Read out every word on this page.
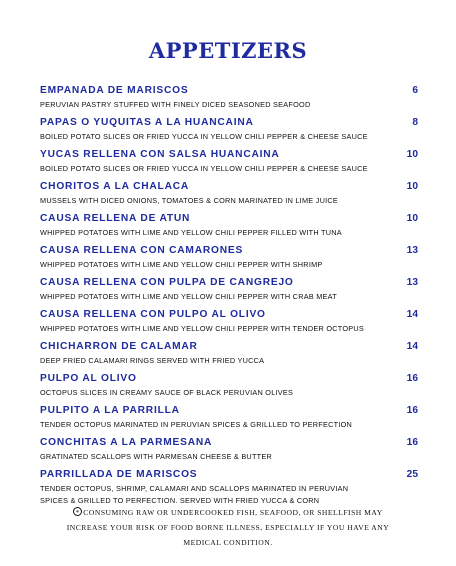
APPETIZERS
EMPANADA DE MARISCOS	6
PERUVIAN PASTRY STUFFED WITH FINELY DICED SEASONED SEAFOOD
PAPAS O YUQUITAS A LA HUANCAINA	8
BOILED POTATO SLICES OR FRIED YUCCA IN YELLOW CHILI PEPPER & CHEESE SAUCE
YUCAS RELLENA CON SALSA HUANCAINA	10
BOILED POTATO SLICES OR FRIED YUCCA IN YELLOW CHILI PEPPER & CHEESE SAUCE
CHORITOS A LA CHALACA	10
MUSSELS WITH DICED ONIONS, TOMATOES & CORN MARINATED IN LIME JUICE
CAUSA RELLENA DE ATUN	10
WHIPPED POTATOES WITH LIME AND YELLOW CHILI PEPPER FILLED WITH TUNA
CAUSA RELLENA CON CAMARONES	13
WHIPPED POTATOES WITH LIME AND YELLOW CHILI PEPPER WITH SHRIMP
CAUSA RELLENA CON PULPA DE CANGREJO	13
WHIPPED POTATOES WITH LIME AND YELLOW CHILI PEPPER WITH CRAB MEAT
CAUSA RELLENA CON PULPO AL OLIVO	14
WHIPPED POTATOES WITH LIME AND YELLOW CHILI PEPPER WITH TENDER OCTOPUS
CHICHARRON DE CALAMAR	14
DEEP FRIED CALAMARI RINGS SERVED WITH FRIED YUCCA
PULPO AL OLIVO	16
OCTOPUS SLICES IN CREAMY SAUCE OF BLACK PERUVIAN OLIVES
PULPITO A LA PARRILLA	16
TENDER OCTOPUS MARINATED IN PERUVIAN SPICES & GRILLLED TO PERFECTION
CONCHITAS A LA PARMESANA	16
GRATINATED SCALLOPS WITH PARMESAN CHEESE & BUTTER
PARRILLADA DE MARISCOS	25
TENDER OCTOPUS, SHRIMP, CALAMARI AND SCALLOPS MARINATED IN PERUVIAN SPICES & GRILLED TO PERFECTION. SERVED WITH FRIED YUCCA & CORN
* CONSUMING RAW OR UNDERCOOKED FISH, SEAFOOD, OR SHELLFISH MAY INCREASE YOUR RISK OF FOOD BORNE ILLNESS, ESPECIALLY IF YOU HAVE ANY MEDICAL CONDITION.
